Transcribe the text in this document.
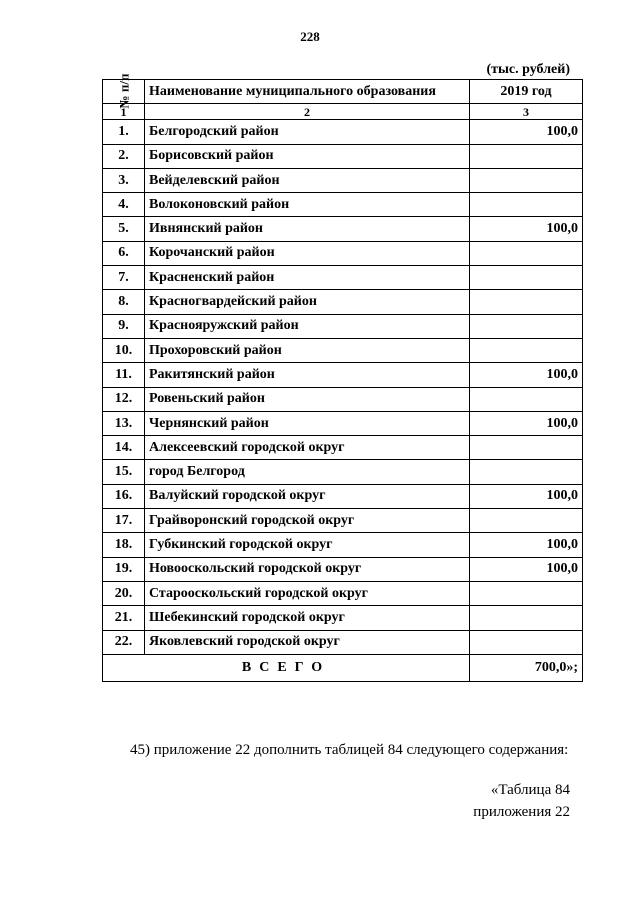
228
(тыс. рублей)
№ п/п	Наименование муниципального образования	2019 год
1	2	3
1.	Белгородский район	100,0
2.	Борисовский район	
3.	Вейделевский район	
4.	Волоконовский район	
5.	Ивнянский район	100,0
6.	Корочанский район	
7.	Красненский район	
8.	Красногвардейский район	
9.	Краснояружский район	
10.	Прохоровский район	
11.	Ракитянский район	100,0
12.	Ровеньский район	
13.	Чернянский район	100,0
14.	Алексеевский городской округ	
15.	город Белгород	
16.	Валуйский городской округ	100,0
17.	Грайворонский городской округ	
18.	Губкинский городской округ	100,0
19.	Новооскольский городской округ	100,0
20.	Старооскольский городской округ	
21.	Шебекинский городской округ	
22.	Яковлевский городской округ	
ВСЕГО		700,0»;
45) приложение 22 дополнить таблицей 84 следующего содержания:
«Таблица 84
приложения 22
